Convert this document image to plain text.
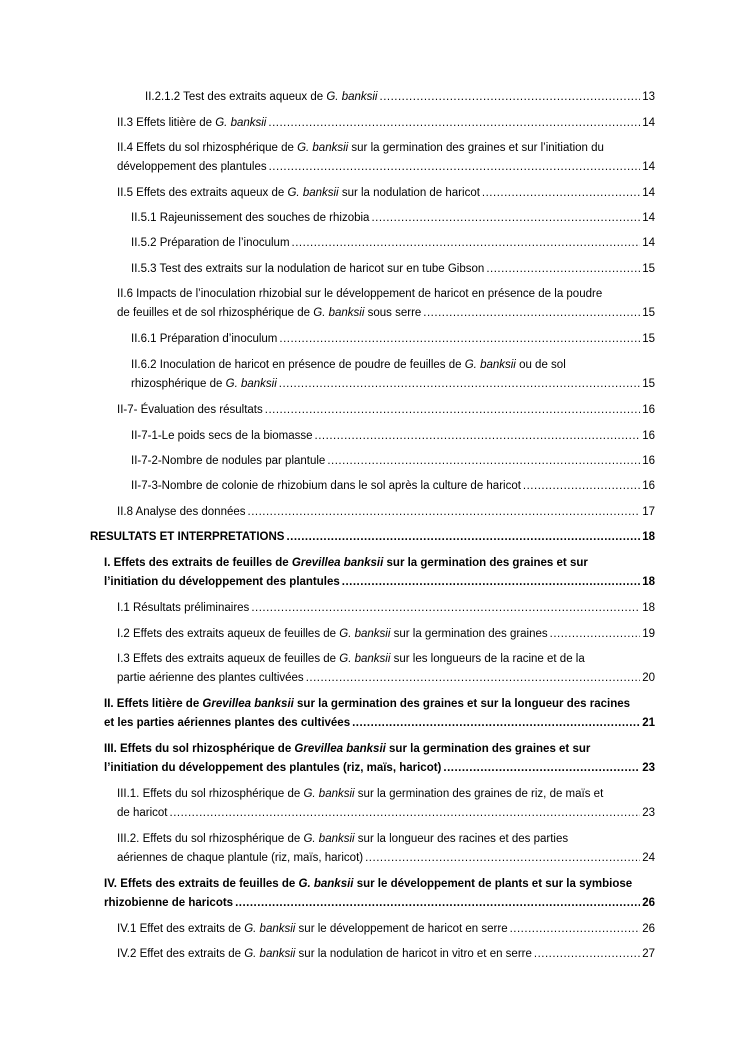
II.2.1.2 Test des extraits aqueux de G. banksii .....	13
II.3 Effets litière de G. banksii .....	14
II.4 Effets du sol rhizosphérique de G. banksii sur la germination des graines et sur l’initiation du
développement des plantules .....	14
II.5 Effets des extraits aqueux de G. banksii sur la nodulation de haricot .....	14
II.5.1 Rajeunissement des souches de rhizobia .....	14
II.5.2 Préparation de l’inoculum .....	14
II.5.3 Test des extraits sur la nodulation de haricot sur en tube Gibson .....	15
II.6 Impacts de l’inoculation rhizobial sur le développement de haricot en présence de la poudre
de feuilles et de sol rhizosphérique de G. banksii sous serre .....	15
II.6.1 Préparation d’inoculum .....	15
II.6.2 Inoculation de haricot en présence de poudre de feuilles de G. banksii ou de sol
rhizosphérique de G. banksii .....	15
II-7- Évaluation des résultats .....	16
II-7-1-Le poids secs de la biomasse .....	16
II-7-2-Nombre de nodules par plantule .....	16
II-7-3-Nombre de colonie de rhizobium dans le sol après la culture de haricot .....	16
II.8 Analyse des données .....	17
RESULTATS ET INTERPRETATIONS .....	18
I. Effets des extraits de feuilles de Grevillea banksii sur la germination des graines et sur
l’initiation du développement des plantules .....	18
I.1 Résultats préliminaires .....	18
I.2 Effets des extraits aqueux de feuilles de G. banksii sur la germination des graines .....	19
I.3 Effets des extraits aqueux de feuilles de G. banksii sur les longueurs de la racine et de la
partie aérienne des plantes cultivées .....	20
II. Effets litière de Grevillea banksii sur la germination des graines et sur la longueur des racines
et les parties aériennes plantes des cultivées .....	21
III. Effets du sol rhizosphérique de Grevillea banksii sur la germination des graines et sur
l’initiation du développement des plantules (riz, maïs, haricot) .....	23
III.1. Effets du sol rhizosphérique de G. banksii sur la germination des graines de riz, de maïs et
de haricot .....	23
III.2. Effets du sol rhizosphérique de G. banksii sur la longueur des racines et des parties
aériennes de chaque plantule (riz, maïs, haricot) .....	24
IV. Effets des extraits de feuilles de G. banksii sur le développement de plants et sur la symbiose
rhizobienne de haricots .....	26
IV.1 Effet des extraits de G. banksii sur le développement de haricot en serre .....	26
IV.2 Effet des extraits de G. banksii sur la nodulation de haricot in vitro et en serre .....	27
